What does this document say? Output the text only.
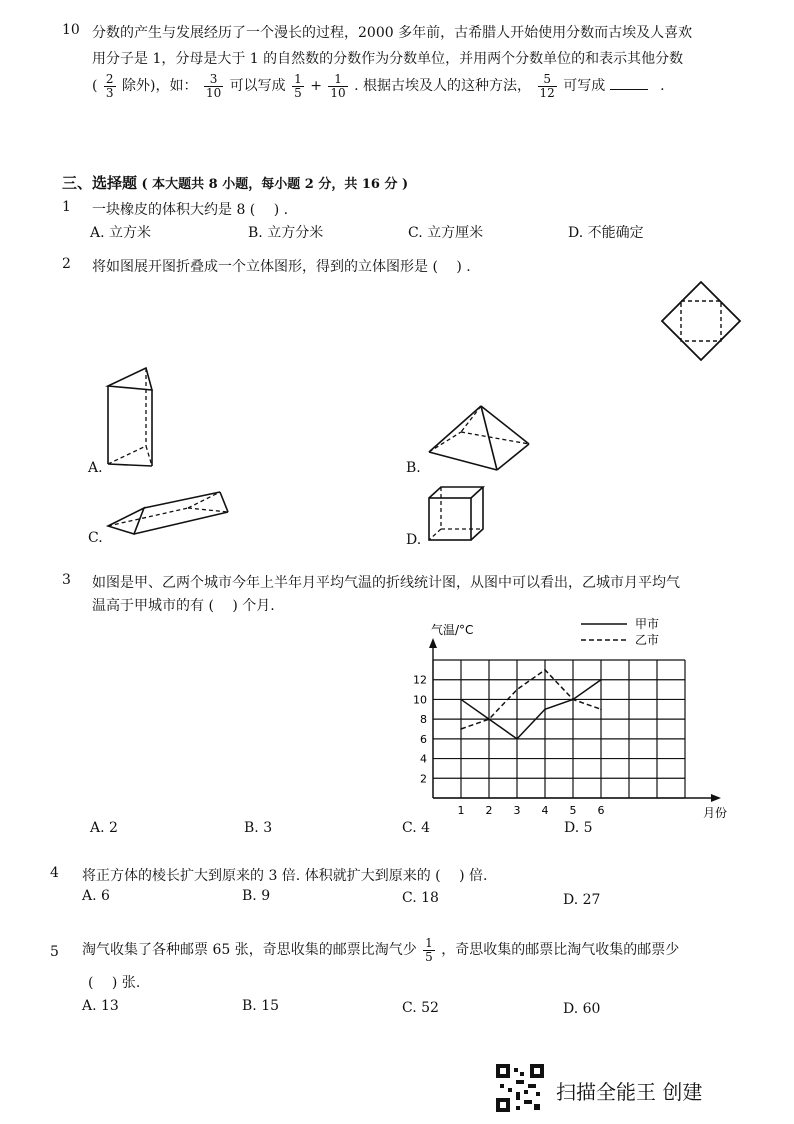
10 分数的产生与发展经历了一个漫长的过程，2000 多年前，古希腊人开始使用分数而古埃及人喜欢
用分子是 1，分母是大于 1 的自然数的分数作为分数单位，并用两个分数单位的和表示其他分数
( $\frac{2}{3}$ 除外)，如： $\frac{3}{10}$ 可以写成 $\frac{1}{5} + \frac{1}{10}$ . 根据古埃及人的这种方法， $\frac{5}{12}$ 可写成	.
三、选择题 ( 本大题共 8 小题，每小题 2 分，共 16 分 )
1 一块橡皮的体积大约是 8 (　 ) .
A. 立方米	B. 立方分米	C. 立方厘米	D. 不能确定
2 将如图展开图折叠成一个立体图形，得到的立体图形是 (　 ) .
A.	B.
C.	D.
3 如图是甲、乙两个城市今年上半年月平均气温的折线统计图，从图中可以看出，乙城市月平均气
温高于甲城市的有 (　 ) 个月.
气温/°C
月份
甲市
乙市
2
4
6
8
10
12
1 2 3 4 5 6
A. 2	B. 3	C. 4	D. 5
4 将正方体的棱长扩大到原来的 3 倍. 体积就扩大到原来的 (　 ) 倍.
A. 6	B. 9	C. 18	D. 27
5 淘气收集了各种邮票 65 张，奇思收集的邮票比淘气少 $\frac{1}{5}$ ，奇思收集的邮票比淘气收集的邮票少
(　 ) 张.
A. 13	B. 15	C. 52	D. 60
扫描全能王 创建
